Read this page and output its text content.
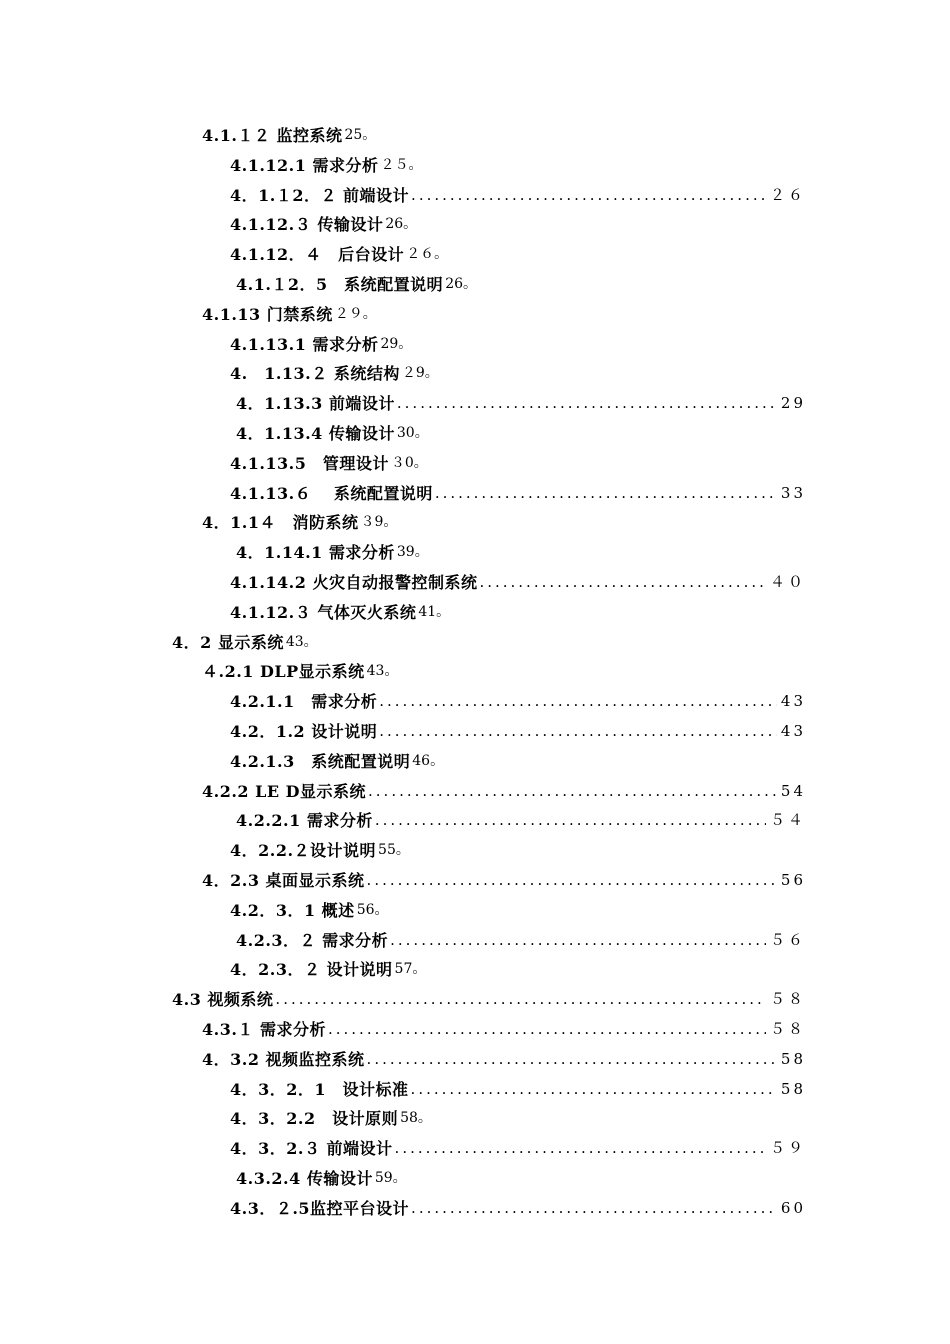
4.1.１２ 监控系统 25。
4.1.12.1 需求分析 ２５。
4．1.１2．２ 前端设计 .....	２６
4.1.12.３ 传输设计 26。
4.1.12．４　后台设计 ２６。
4.1.１2．5　系统配置说明 26。
4.1.13 门禁系统 ２９。
4.1.13.1 需求分析 29。
4.　1.13.２ 系统结构 ２9。
4．1.13.3 前端设计 .....	29
4．1.13.4 传输设计 30。
4.1.13.5　管理设计 ３0。
4.1.13.６　 系统配置说明 .....	33
4．1.1４　消防系统 ３9。
4．1.14.1 需求分析 39。
4.1.14.2 火灾自动报警控制系统 .....	４０
4.1.12.３ 气体灭火系统 41。
4．2 显示系统 43。
４.2.1 DLP显示系统 43。
4.2.1.1　需求分析 .....	43
4.2．1.2 设计说明 .....	43
4.2.1.3　系统配置说明 46。
4.2.2 LE D显示系统 .....	54
4.2.2.1 需求分析 .....	５４
4．2.2.２设计说明 55。
4．2.3 桌面显示系统 .....	56
4.2．3．1 概述 56。
4.2.3．２ 需求分析 .....	５６
4．2.3．２ 设计说明 57。
4.3 视频系统 .....	５８
4.3.１ 需求分析 .....	５８
4．3.2 视频监控系统 .....	58
4．3．2．1　设计标准 .....	58
4．3．2.2　设计原则 58。
4．3．2.３ 前端设计 .....	５９
4.3.2.4 传输设计 59。
4.3．２.5监控平台设计 .....	60
